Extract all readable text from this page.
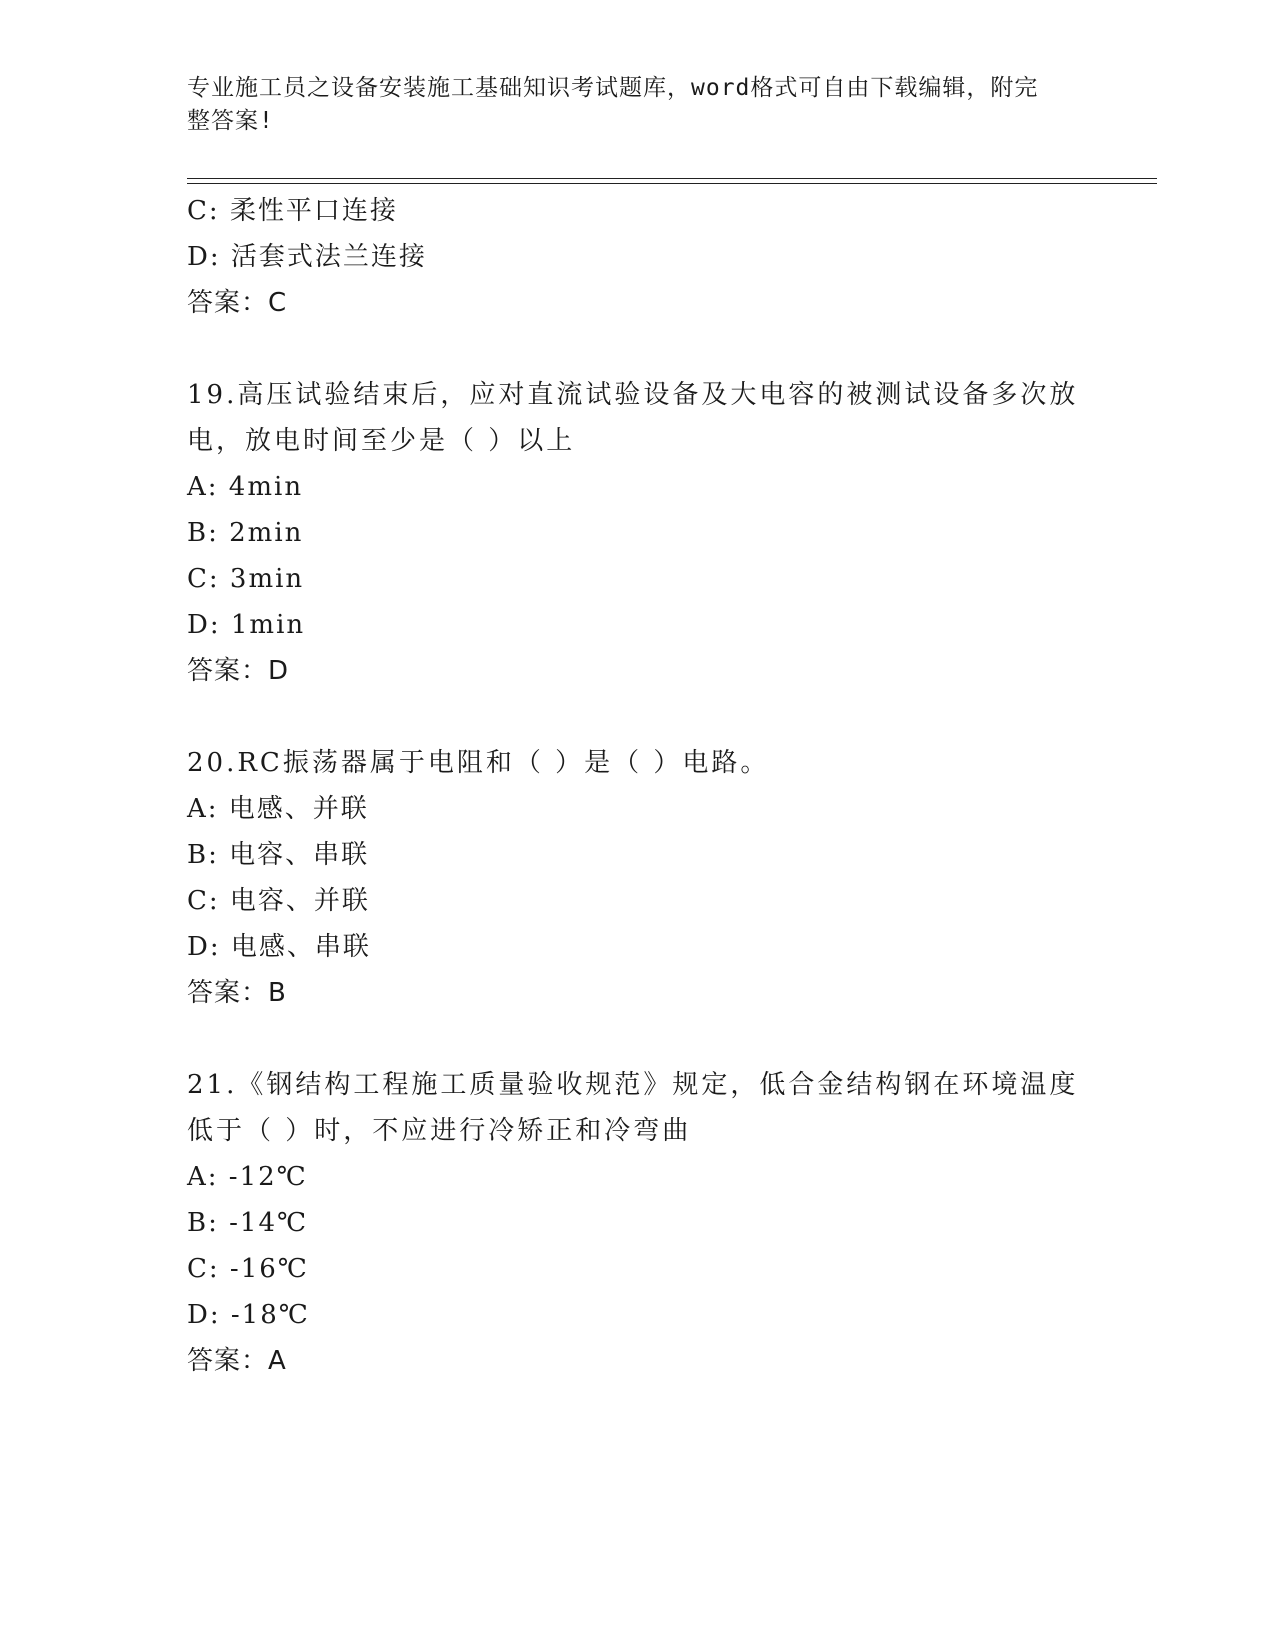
专业施工员之设备安装施工基础知识考试题库，word格式可自由下载编辑，附完
整答案!
C: 柔性平口连接
D: 活套式法兰连接
答案：C
19.高压试验结束后，应对直流试验设备及大电容的被测试设备多次放
电，放电时间至少是（ ）以上
A: 4min
B: 2min
C: 3min
D: 1min
答案：D
20.RC振荡器属于电阻和（ ）是（ ）电路。
A: 电感、并联
B: 电容、串联
C: 电容、并联
D: 电感、串联
答案：B
21.《钢结构工程施工质量验收规范》规定，低合金结构钢在环境温度
低于（ ）时，不应进行冷矫正和冷弯曲
A: -12℃
B: -14℃
C: -16℃
D: -18℃
答案：A
